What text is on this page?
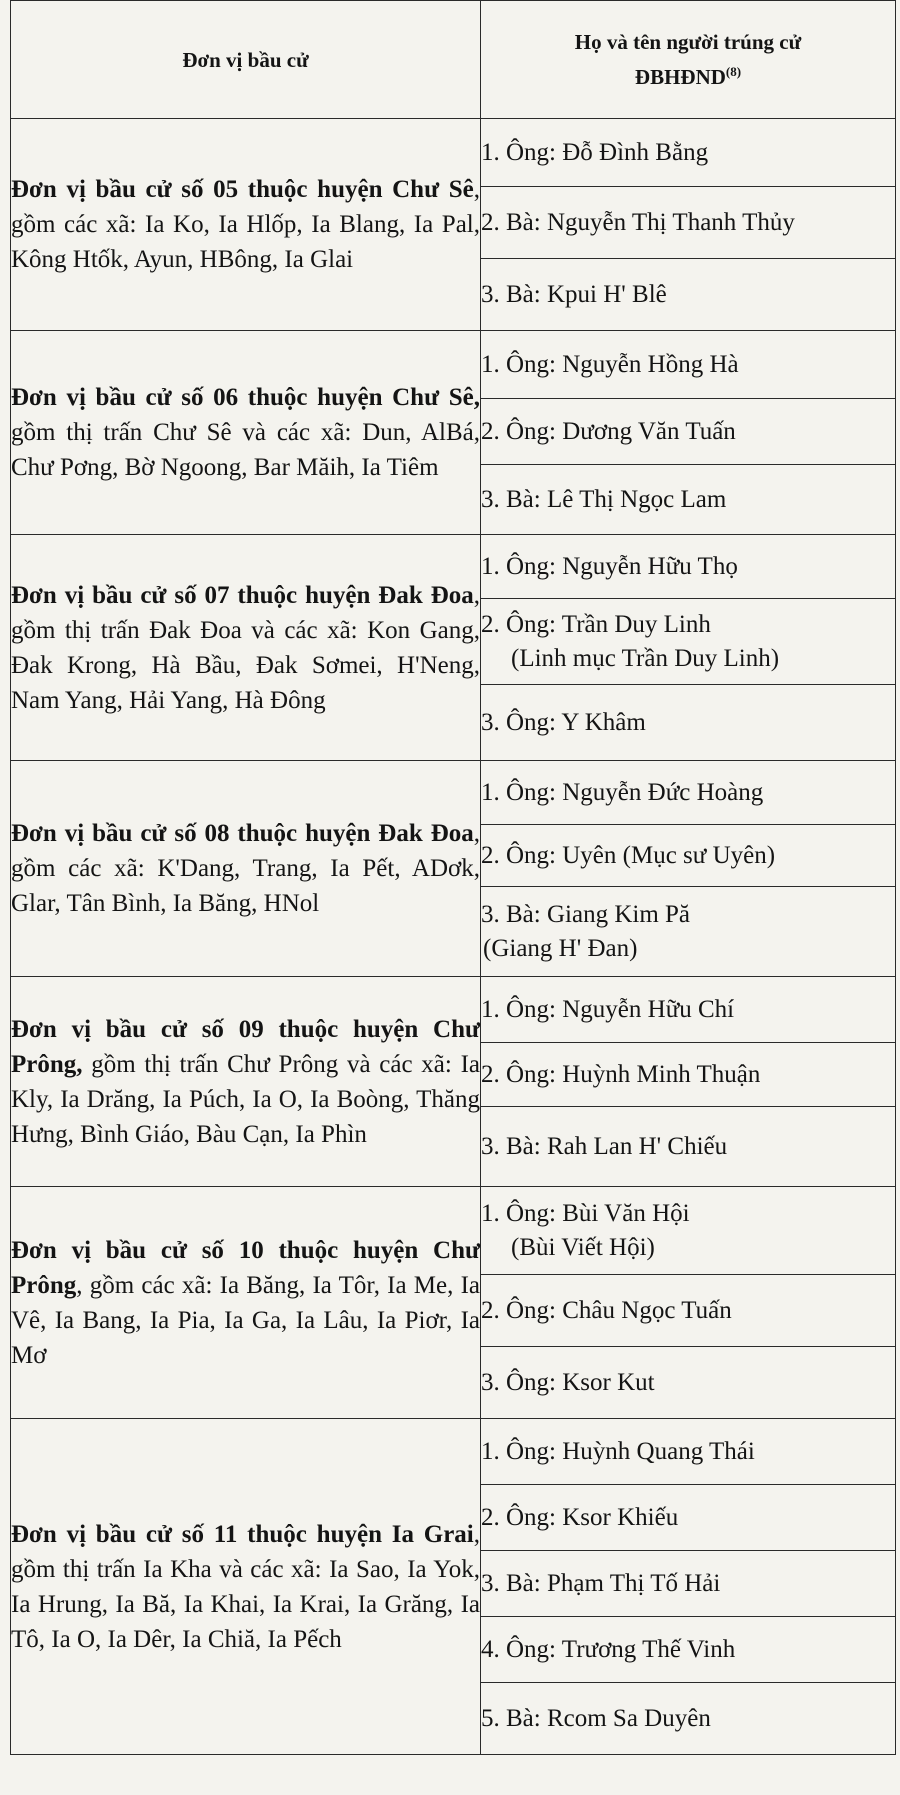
Đơn vị bầu cử	Họ và tên người trúng cử
ĐBHĐND$^{(8)}$
Đơn vị bầu cử số 05 thuộc huyện Chư Sê, gồm các xã: Ia Ko, Ia Hlốp, Ia Blang, Ia Pal, Kông Htốk, Ayun, HBông, Ia Glai	1. Ông: Đỗ Đình Bằng
	2. Bà: Nguyễn Thị Thanh Thủy
	3. Bà: Kpui H' Blê
Đơn vị bầu cử số 06 thuộc huyện Chư Sê, gồm thị trấn Chư Sê và các xã: Dun, AlBá, Chư Pơng, Bờ Ngoong, Bar Măih, Ia Tiêm	1. Ông: Nguyễn Hồng Hà
	2. Ông: Dương Văn Tuấn
	3. Bà: Lê Thị Ngọc Lam
Đơn vị bầu cử số 07 thuộc huyện Đak Đoa, gồm thị trấn Đak Đoa và các xã: Kon Gang, Đak Krong, Hà Bầu, Đak Sơmei, H'Neng, Nam Yang, Hải Yang, Hà Đông	1. Ông: Nguyễn Hữu Thọ
	2. Ông: Trần Duy Linh
(Linh mục Trần Duy Linh)

	3. Ông: Y Khâm
Đơn vị bầu cử số 08 thuộc huyện Đak Đoa, gồm các xã: K'Dang, Trang, Ia Pết, ADơk, Glar, Tân Bình, Ia Băng, HNol	1. Ông: Nguyễn Đức Hoàng
	2. Ông: Uyên (Mục sư Uyên)
	3. Bà: Giang Kim Pă
(Giang H' Đan)

Đơn vị bầu cử số 09 thuộc huyện Chư Prông, gồm thị trấn Chư Prông và các xã: Ia Kly, Ia Drăng, Ia Púch, Ia O, Ia Boòng, Thăng Hưng, Bình Giáo, Bàu Cạn, Ia Phìn	1. Ông: Nguyễn Hữu Chí
	2. Ông: Huỳnh Minh Thuận
	3. Bà: Rah Lan H' Chiếu
Đơn vị bầu cử số 10 thuộc huyện Chư Prông, gồm các xã: Ia Băng, Ia Tôr, Ia Me, Ia Vê, Ia Bang, Ia Pia, Ia Ga, Ia Lâu, Ia Piơr, Ia Mơ	1. Ông: Bùi Văn Hội
(Bùi Viết Hội)

	2. Ông: Châu Ngọc Tuấn
	3. Ông: Ksor Kut
Đơn vị bầu cử số 11 thuộc huyện Ia Grai, gồm thị trấn Ia Kha và các xã: Ia Sao, Ia Yok, Ia Hrung, Ia Bă, Ia Khai, Ia Krai, Ia Grăng, Ia Tô, Ia O, Ia Dêr, Ia Chiă, Ia Pếch	1. Ông: Huỳnh Quang Thái
	2. Ông: Ksor Khiếu
	3. Bà: Phạm Thị Tố Hải
	4. Ông: Trương Thế Vinh
	5. Bà: Rcom Sa Duyên
